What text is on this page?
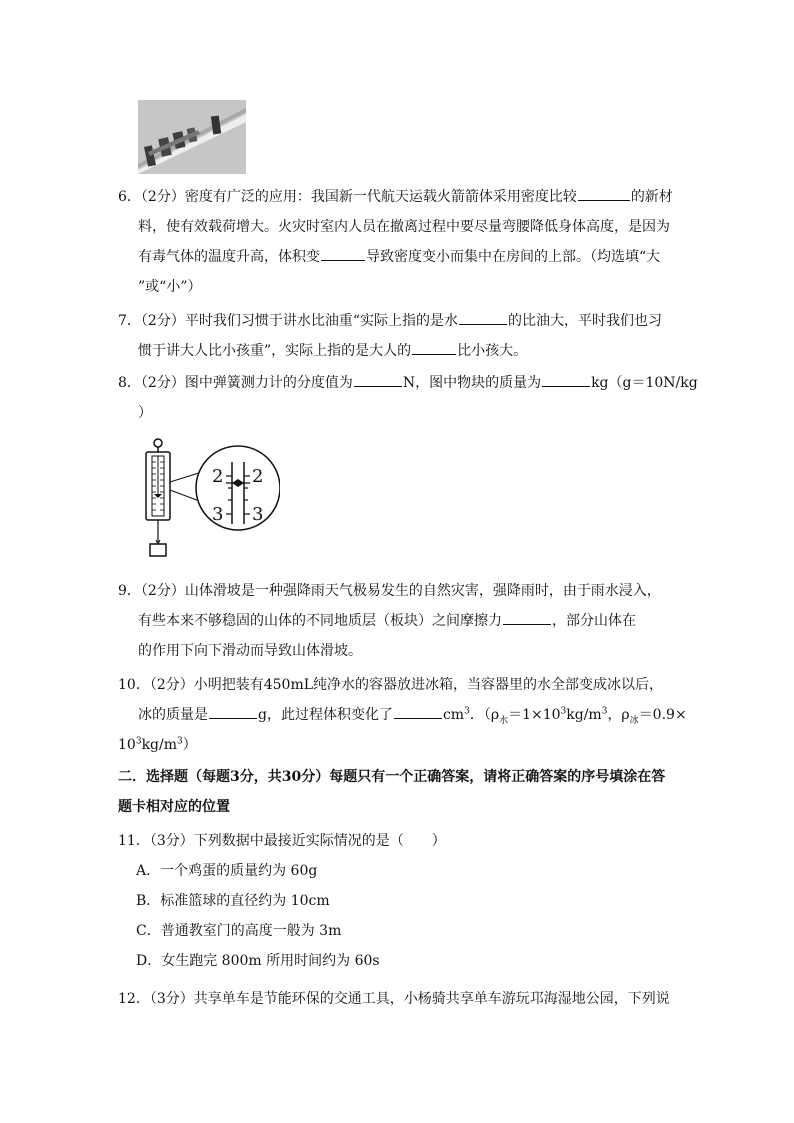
6．（2分）密度有广泛的应用：我国新一代航天运载火箭箭体采用密度比较	的新材
料，使有效载荷增大。火灾时室内人员在撤离过程中要尽量弯腰降低身体高度，是因为
有毒气体的温度升高，体积变	导致密度变小而集中在房间的上部。（均选填“大
”或“小”）
7．（2分）平时我们习惯于讲水比油重“实际上指的是水	的比油大，平时我们也习
惯于讲大人比小孩重”，实际上指的是大人的	比小孩大。
8．（2分）图中弹簧测力计的分度值为	N，图中物块的质量为	kg（g＝10N/kg
）
2 2
3 3
9．（2分）山体滑坡是一种强降雨天气极易发生的自然灾害，强降雨时，由于雨水浸入，
有些本来不够稳固的山体的不同地质层（板块）之间摩擦力	，部分山体在
的作用下向下滑动而导致山体滑坡。
10．（2分）小明把装有450mL纯净水的容器放进冰箱，当容器里的水全部变成冰以后，
冰的质量是	g，此过程体积变化了	$cm^3$．（$\rho_水=1\times 10^3kg/m^3$，$\rho_冰=0.9\times$
$10^3kg/m^3$）
二．选择题（每题3分，共30分）每题只有一个正确答案，请将正确答案的序号填涂在答
题卡相对应的位置
11．（3分）下列数据中最接近实际情况的是（　　）
A．一个鸡蛋的质量约为 60g
B．标准篮球的直径约为 10cm
C．普通教室门的高度一般为 3m
D．女生跑完 800m 所用时间约为 60s
12．（3分）共享单车是节能环保的交通工具，小杨骑共享单车游玩邛海湿地公园，下列说
